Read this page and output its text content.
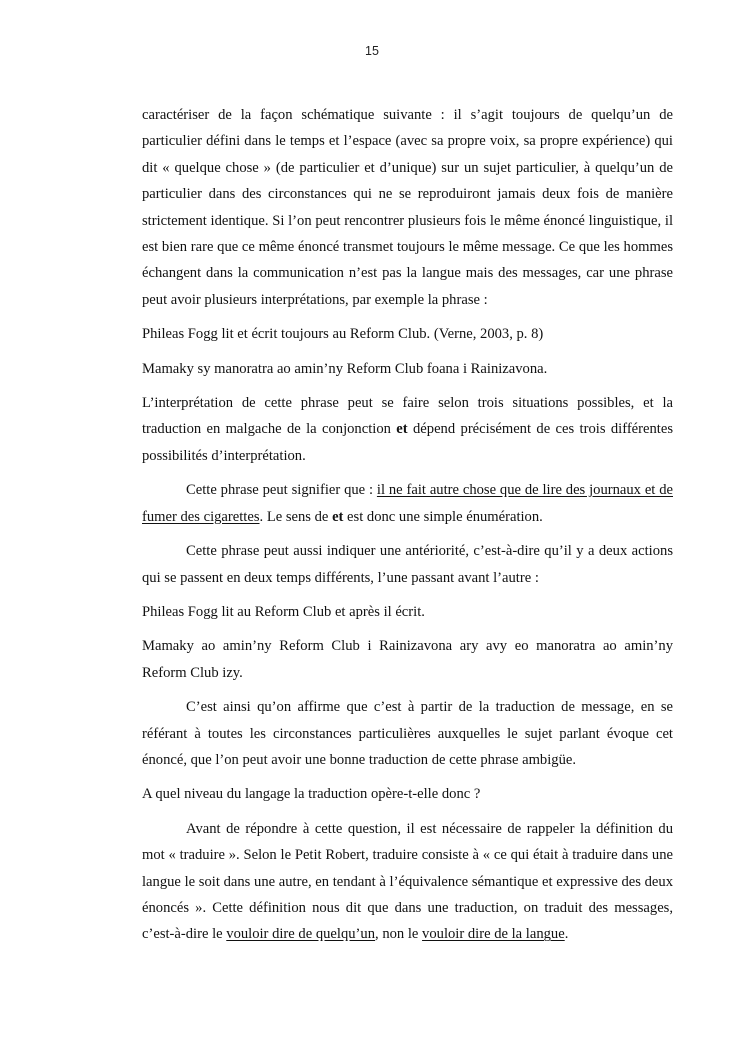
15

caractériser de la façon schématique suivante : il s’agit toujours de quelqu’un de particulier défini dans le temps et l’espace (avec sa propre voix, sa propre expérience) qui dit « quelque chose » (de particulier et d’unique) sur un sujet particulier, à quelqu’un de particulier dans des circonstances qui ne se reproduiront jamais deux fois de manière strictement identique. Si l’on peut rencontrer plusieurs fois le même énoncé linguistique, il est bien rare que ce même énoncé transmet toujours le même message. Ce que les hommes échangent dans la communication n’est pas la langue mais des messages, car une phrase peut avoir plusieurs interprétations, par exemple la phrase :

Phileas Fogg lit et écrit toujours au Reform Club. (Verne, 2003, p. 8)

Mamaky sy manoratra ao amin’ny Reform Club foana i Rainizavona.

L’interprétation de cette phrase peut se faire selon trois situations possibles, et la traduction en malgache de la conjonction et dépend précisément de ces trois différentes possibilités d’interprétation.

Cette phrase peut signifier que : il ne fait autre chose que de lire des journaux et de fumer des cigarettes. Le sens de et est donc une simple énumération.

Cette phrase peut aussi indiquer une antériorité, c’est-à-dire qu’il y a deux actions qui se passent en deux temps différents, l’une passant avant l’autre :

Phileas Fogg lit au Reform Club et après il écrit.

Mamaky ao amin’ny Reform Club i Rainizavona ary avy eo manoratra ao amin’ny Reform Club izy.

C’est ainsi qu’on affirme que c’est à partir de la traduction de message, en se référant à toutes les circonstances particulières auxquelles le sujet parlant évoque cet énoncé, que l’on peut avoir une bonne traduction de cette phrase ambigüe.

A quel niveau du langage la traduction opère-t-elle donc ?

Avant de répondre à cette question, il est nécessaire de rappeler la définition du mot « traduire ». Selon le Petit Robert, traduire consiste à « ce qui était à traduire dans une langue le soit dans une autre, en tendant à l’équivalence sémantique et expressive des deux énoncés ». Cette définition nous dit que dans une traduction, on traduit des messages, c’est-à-dire le vouloir dire de quelqu’un, non le vouloir dire de la langue.
